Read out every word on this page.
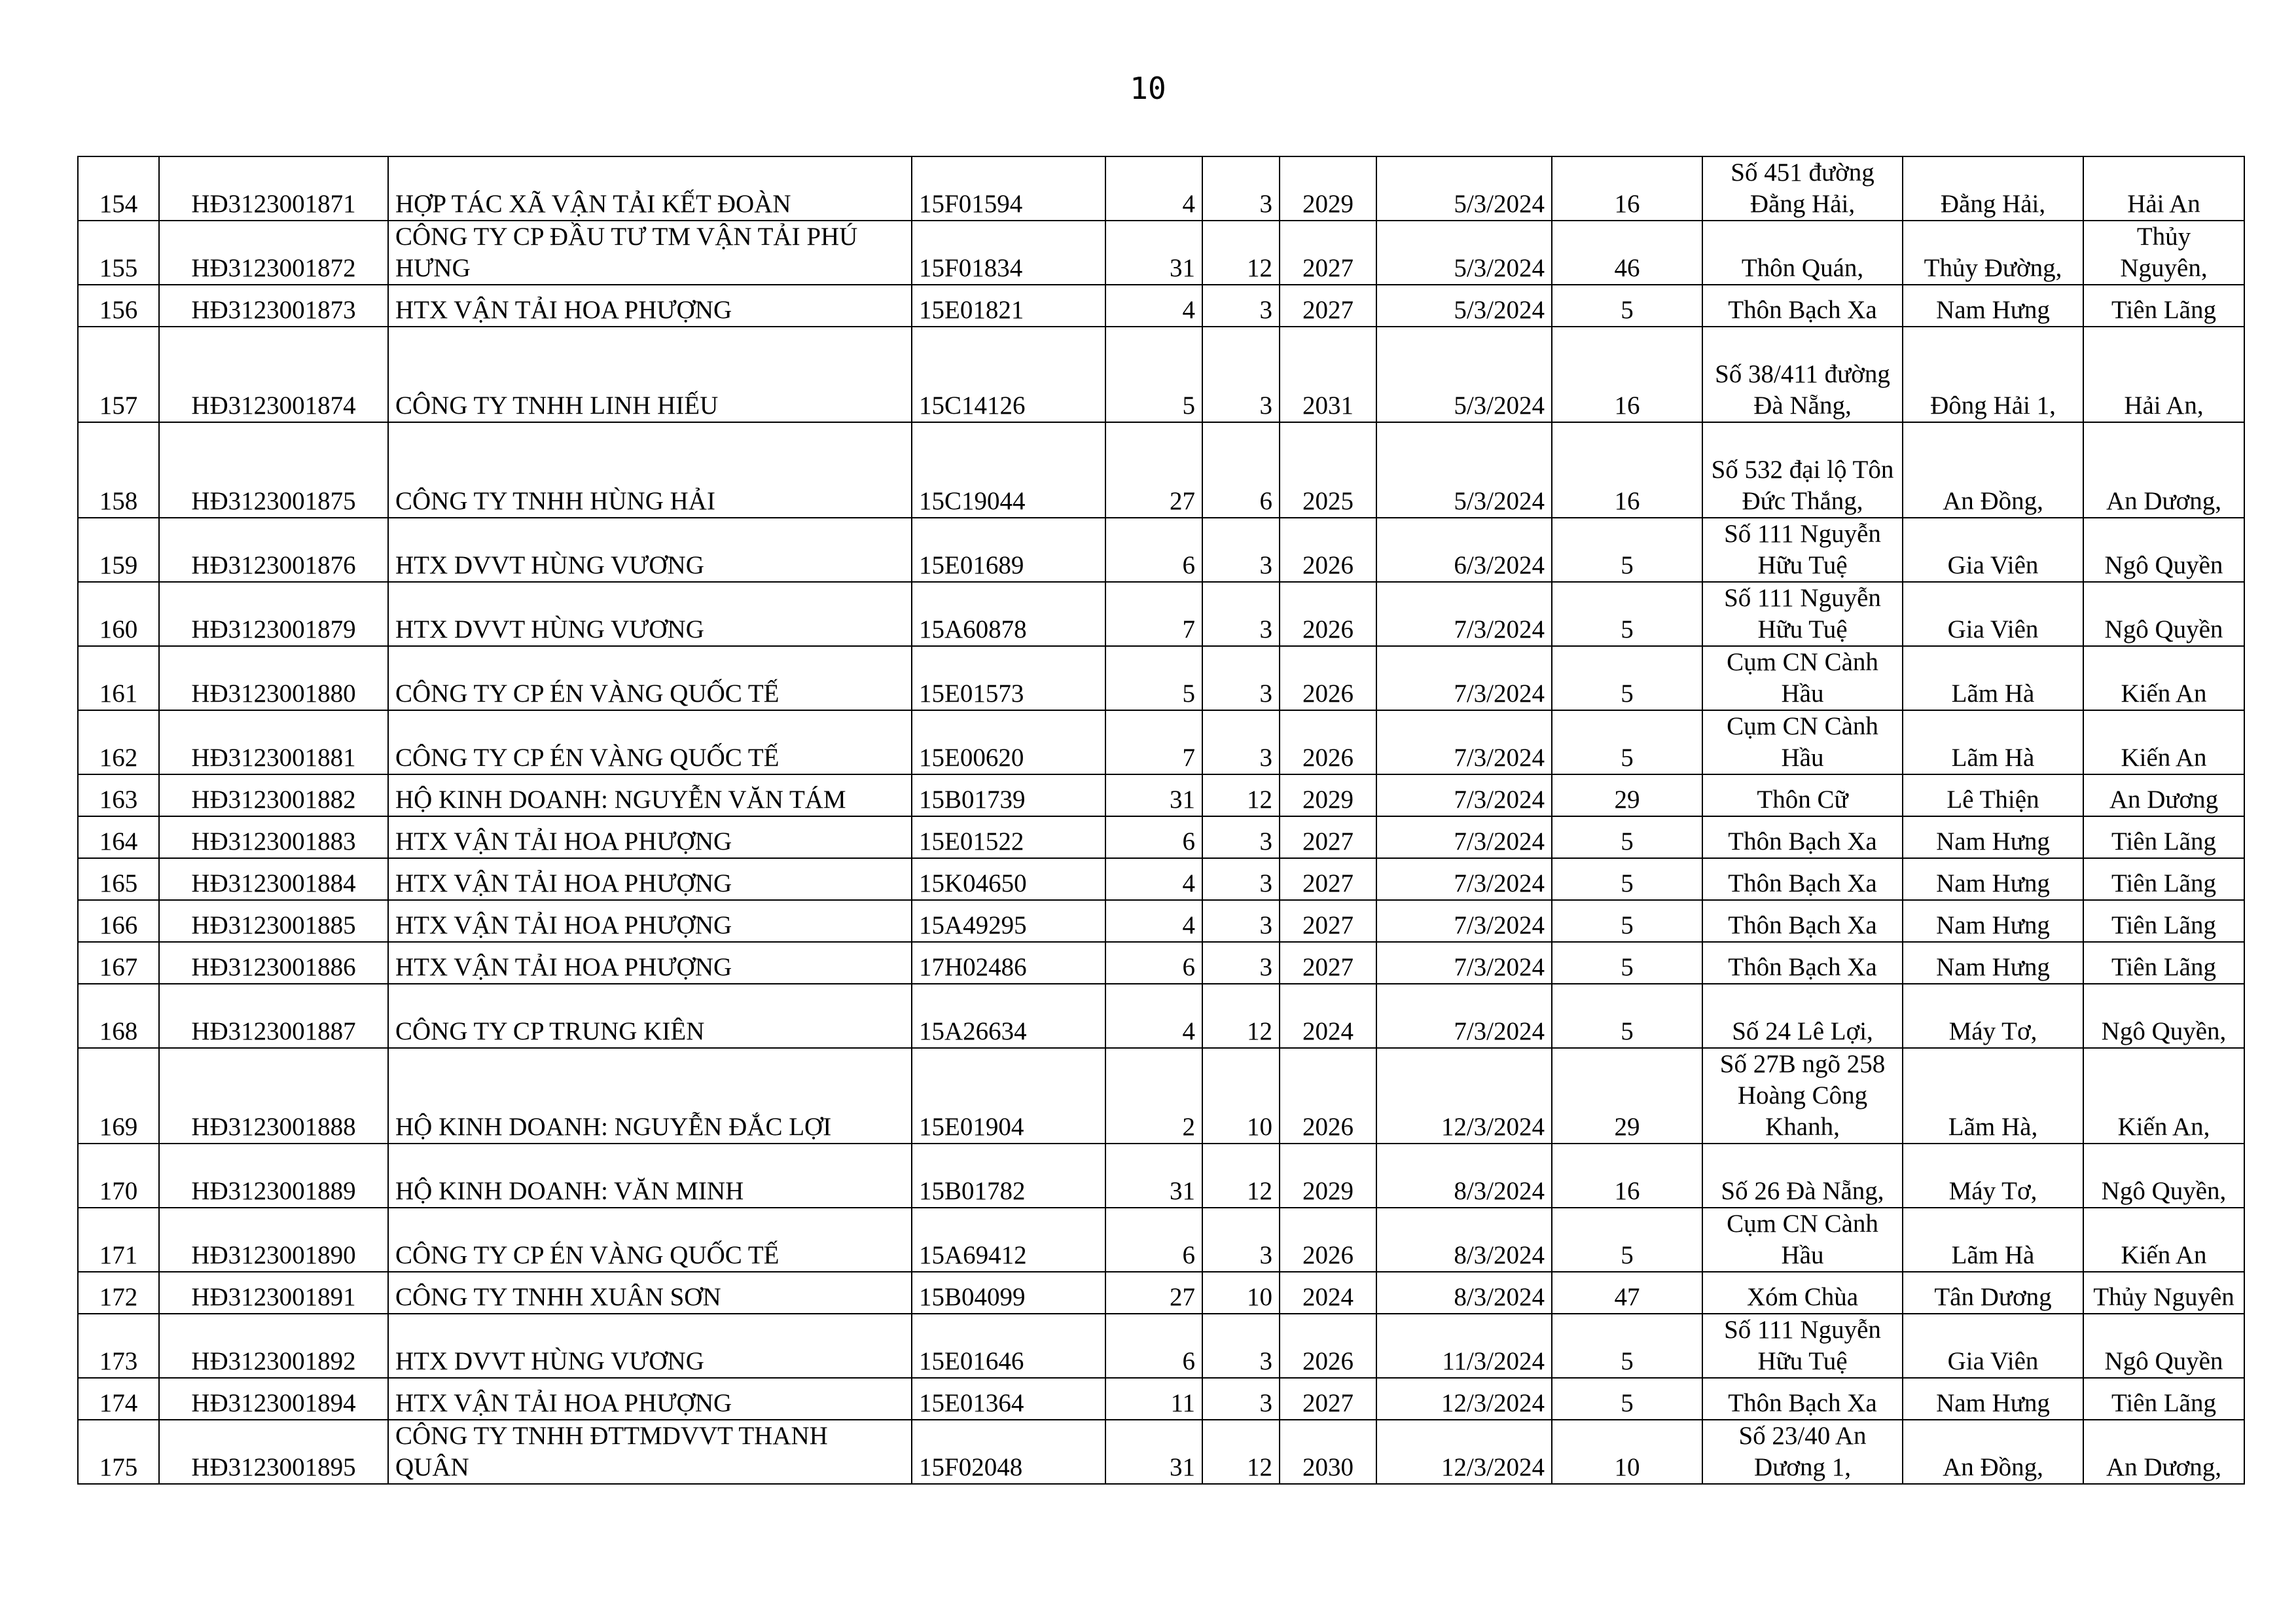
10
154	HĐ3123001871	HỢP TÁC XÃ VẬN TẢI KẾT ĐOÀN	15F01594	4	3	2029	5/3/2024	16	Số 451 đường Đằng Hải,	Đằng Hải,	Hải An
155	HĐ3123001872	CÔNG TY CP ĐẦU TƯ TM VẬN TẢI PHÚ HƯNG	15F01834	31	12	2027	5/3/2024	46	Thôn Quán,	Thủy Đường,	Thủy Nguyên,
156	HĐ3123001873	HTX VẬN TẢI HOA PHƯỢNG	15E01821	4	3	2027	5/3/2024	5	Thôn Bạch Xa	Nam Hưng	Tiên Lãng
157	HĐ3123001874	CÔNG TY TNHH LINH HIẾU	15C14126	5	3	2031	5/3/2024	16	Số 38/411 đường Đà Nẵng,	Đông Hải 1,	Hải An,
158	HĐ3123001875	CÔNG TY TNHH HÙNG HẢI	15C19044	27	6	2025	5/3/2024	16	Số 532 đại lộ Tôn Đức Thắng,	An Đồng,	An Dương,
159	HĐ3123001876	HTX DVVT HÙNG VƯƠNG	15E01689	6	3	2026	6/3/2024	5	Số 111 Nguyễn Hữu Tuệ	Gia Viên	Ngô Quyền
160	HĐ3123001879	HTX DVVT HÙNG VƯƠNG	15A60878	7	3	2026	7/3/2024	5	Số 111 Nguyễn Hữu Tuệ	Gia Viên	Ngô Quyền
161	HĐ3123001880	CÔNG TY CP ÉN VÀNG QUỐC TẾ	15E01573	5	3	2026	7/3/2024	5	Cụm CN Cành Hầu	Lãm Hà	Kiến An
162	HĐ3123001881	CÔNG TY CP ÉN VÀNG QUỐC TẾ	15E00620	7	3	2026	7/3/2024	5	Cụm CN Cành Hầu	Lãm Hà	Kiến An
163	HĐ3123001882	HỘ KINH DOANH: NGUYỄN VĂN TÁM	15B01739	31	12	2029	7/3/2024	29	Thôn Cữ	Lê Thiện	An Dương
164	HĐ3123001883	HTX VẬN TẢI HOA PHƯỢNG	15E01522	6	3	2027	7/3/2024	5	Thôn Bạch Xa	Nam Hưng	Tiên Lãng
165	HĐ3123001884	HTX VẬN TẢI HOA PHƯỢNG	15K04650	4	3	2027	7/3/2024	5	Thôn Bạch Xa	Nam Hưng	Tiên Lãng
166	HĐ3123001885	HTX VẬN TẢI HOA PHƯỢNG	15A49295	4	3	2027	7/3/2024	5	Thôn Bạch Xa	Nam Hưng	Tiên Lãng
167	HĐ3123001886	HTX VẬN TẢI HOA PHƯỢNG	17H02486	6	3	2027	7/3/2024	5	Thôn Bạch Xa	Nam Hưng	Tiên Lãng
168	HĐ3123001887	CÔNG TY CP TRUNG KIÊN	15A26634	4	12	2024	7/3/2024	5	Số 24 Lê Lợi,	Máy Tơ,	Ngô Quyền,
169	HĐ3123001888	HỘ KINH DOANH: NGUYỄN ĐẮC LỢI	15E01904	2	10	2026	12/3/2024	29	Số 27B ngõ 258 Hoàng Công Khanh,	Lãm Hà,	Kiến An,
170	HĐ3123001889	HỘ KINH DOANH: VĂN MINH	15B01782	31	12	2029	8/3/2024	16	Số 26 Đà Nẵng,	Máy Tơ,	Ngô Quyền,
171	HĐ3123001890	CÔNG TY CP ÉN VÀNG QUỐC TẾ	15A69412	6	3	2026	8/3/2024	5	Cụm CN Cành Hầu	Lãm Hà	Kiến An
172	HĐ3123001891	CÔNG TY TNHH XUÂN SƠN	15B04099	27	10	2024	8/3/2024	47	Xóm Chùa	Tân Dương	Thủy Nguyên
173	HĐ3123001892	HTX DVVT HÙNG VƯƠNG	15E01646	6	3	2026	11/3/2024	5	Số 111 Nguyễn Hữu Tuệ	Gia Viên	Ngô Quyền
174	HĐ3123001894	HTX VẬN TẢI HOA PHƯỢNG	15E01364	11	3	2027	12/3/2024	5	Thôn Bạch Xa	Nam Hưng	Tiên Lãng
175	HĐ3123001895	CÔNG TY TNHH ĐTTMDVVT THANH QUÂN	15F02048	31	12	2030	12/3/2024	10	Số 23/40 An Dương 1,	An Đồng,	An Dương,
